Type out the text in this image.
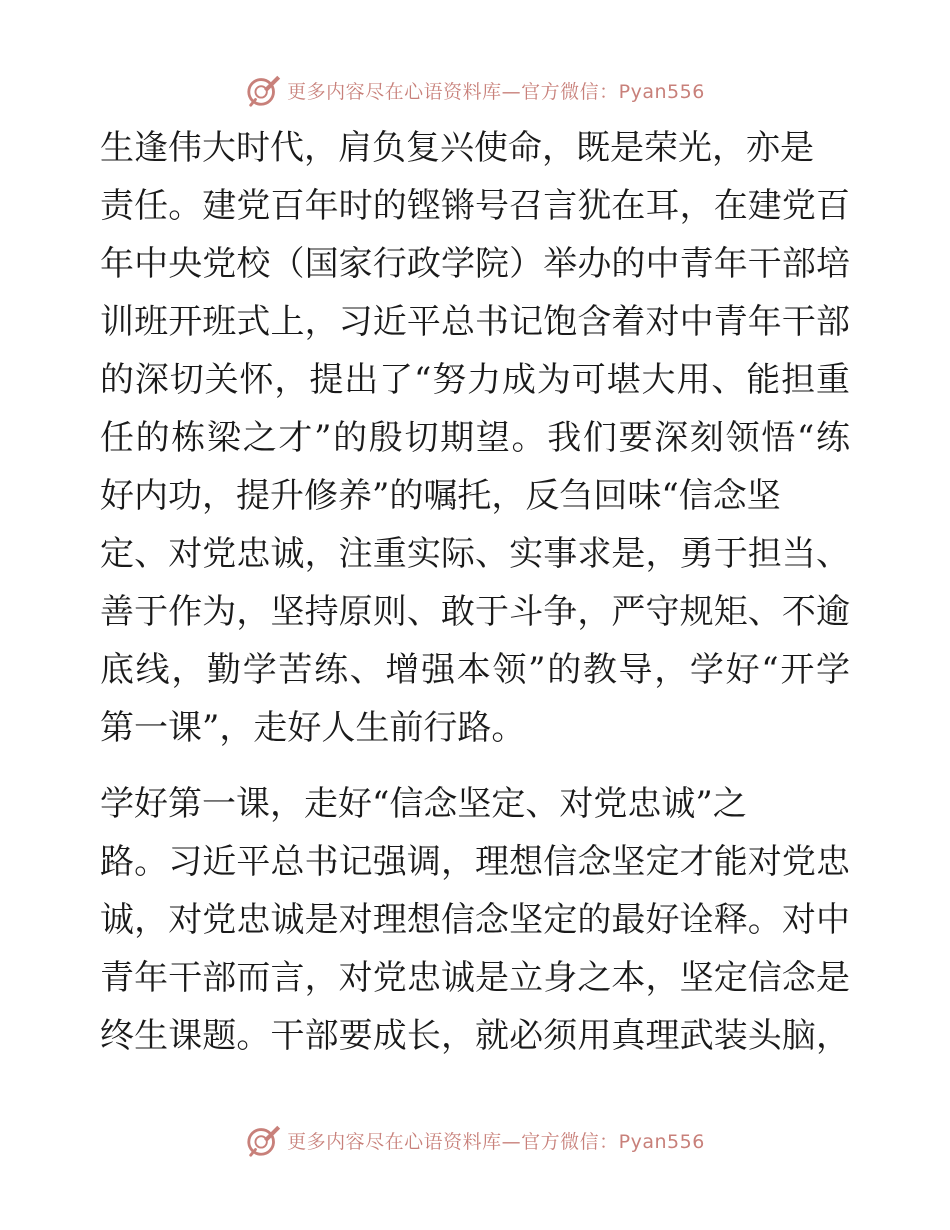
更多内容尽在心语资料库—官方微信：Pyan556
生逢伟大时代，肩负复兴使命，既是荣光，亦是
责任。建党百年时的铿锵号召言犹在耳，在建党百
年中央党校（国家行政学院）举办的中青年干部培
训班开班式上，习近平总书记饱含着对中青年干部
的深切关怀，提出了“努力成为可堪大用、能担重
任的栋梁之才”的殷切期望。我们要深刻领悟“练
好内功，提升修养”的嘱托，反刍回味“信念坚
定、对党忠诚，注重实际、实事求是，勇于担当、
善于作为，坚持原则、敢于斗争，严守规矩、不逾
底线，勤学苦练、增强本领”的教导，学好“开学
第一课”，走好人生前行路。
学好第一课，走好“信念坚定、对党忠诚”之
路。习近平总书记强调，理想信念坚定才能对党忠
诚，对党忠诚是对理想信念坚定的最好诠释。对中
青年干部而言，对党忠诚是立身之本，坚定信念是
终生课题。干部要成长，就必须用真理武装头脑，
更多内容尽在心语资料库—官方微信：Pyan556
